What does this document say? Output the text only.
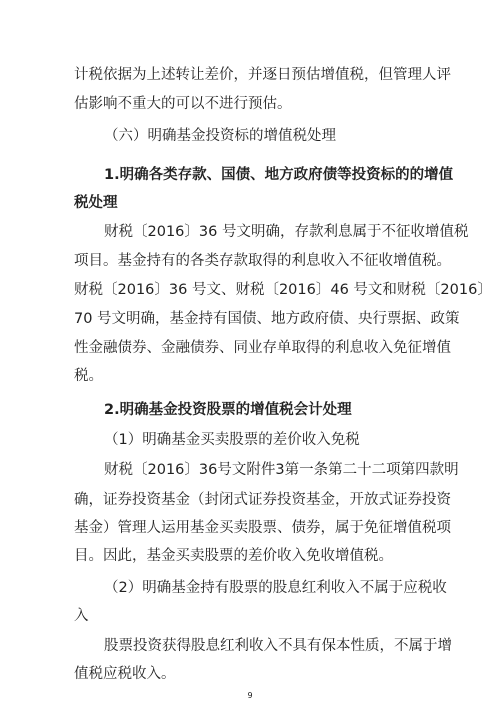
计税依据为上述转让差价，并逐日预估增值税，但管理人评
估影响不重大的可以不进行预估。
（六）明确基金投资标的增值税处理
1.明确各类存款、国债、地方政府债等投资标的的增值
税处理
财税〔2016〕36 号文明确，存款利息属于不征收增值税
项目。基金持有的各类存款取得的利息收入不征收增值税。
财税〔2016〕36 号文、财税〔2016〕46 号文和财税〔2016〕
70 号文明确，基金持有国债、地方政府债、央行票据、政策
性金融债券、金融债券、同业存单取得的利息收入免征增值
税。
2.明确基金投资股票的增值税会计处理
（1）明确基金买卖股票的差价收入免税
财税〔2016〕36号文附件3第一条第二十二项第四款明
确，证券投资基金（封闭式证券投资基金，开放式证券投资
基金）管理人运用基金买卖股票、债券，属于免征增值税项
目。因此，基金买卖股票的差价收入免收增值税。
（2）明确基金持有股票的股息红利收入不属于应税收
入
9
股票投资获得股息红利收入不具有保本性质，不属于增
值税应税收入。
